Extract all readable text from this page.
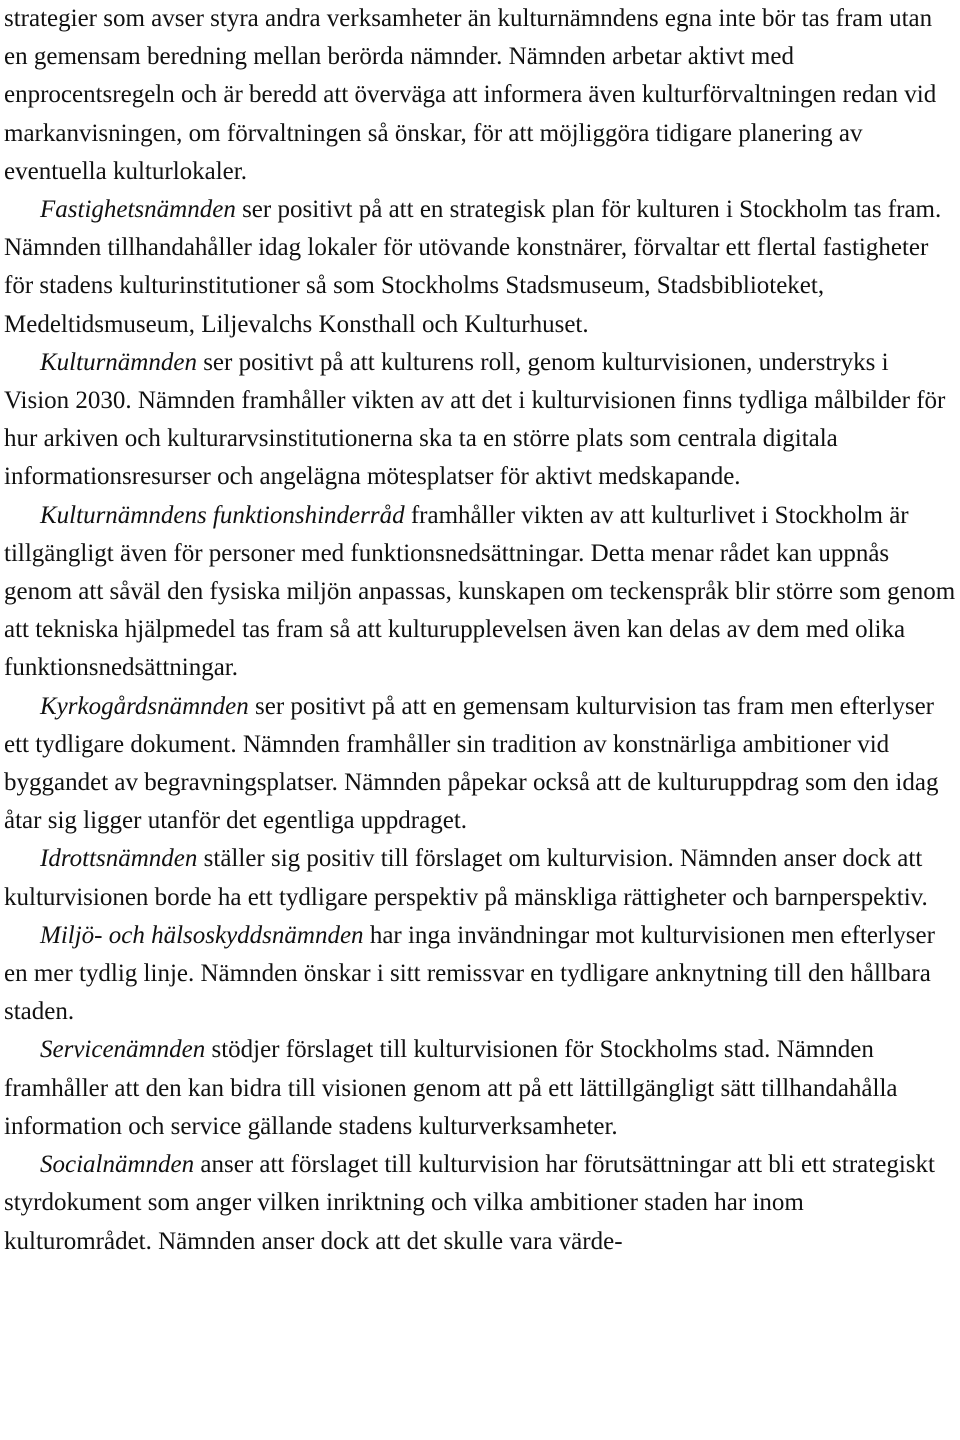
strategier som avser styra andra verksamheter än kulturnämndens egna inte bör tas fram utan en gemensam beredning mellan berörda nämnder. Nämnden arbetar aktivt med enprocentsregeln och är beredd att överväga att informera även kulturförvaltningen redan vid markanvisningen, om förvaltningen så önskar, för att möjliggöra tidigare planering av eventuella kulturlokaler.

Fastighetsnämnden ser positivt på att en strategisk plan för kulturen i Stockholm tas fram. Nämnden tillhandahåller idag lokaler för utövande konstnärer, förvaltar ett flertal fastigheter för stadens kulturinstitutioner så som Stockholms Stadsmuseum, Stadsbiblioteket, Medeltidsmuseum, Liljevalchs Konsthall och Kulturhuset.

Kulturnämnden ser positivt på att kulturens roll, genom kulturvisionen, understryks i Vision 2030. Nämnden framhåller vikten av att det i kulturvisionen finns tydliga målbilder för hur arkiven och kulturarvsinstitutionerna ska ta en större plats som centrala digitala informationsresurser och angelägna mötesplatser för aktivt medskapande.

Kulturnämndens funktionshinderråd framhåller vikten av att kulturlivet i Stockholm är tillgängligt även för personer med funktionsnedsättningar. Detta menar rådet kan uppnås genom att såväl den fysiska miljön anpassas, kunskapen om teckenspråk blir större som genom att tekniska hjälpmedel tas fram så att kulturupplevelsen även kan delas av dem med olika funktionsnedsättningar.

Kyrkogårdsnämnden ser positivt på att en gemensam kulturvision tas fram men efterlyser ett tydligare dokument. Nämnden framhåller sin tradition av konstnärliga ambitioner vid byggandet av begravningsplatser. Nämnden påpekar också att de kulturuppdrag som den idag åtar sig ligger utanför det egentliga uppdraget.

Idrottsnämnden ställer sig positiv till förslaget om kulturvision. Nämnden anser dock att kulturvisionen borde ha ett tydligare perspektiv på mänskliga rättigheter och barnperspektiv.

Miljö- och hälsoskyddsnämnden har inga invändningar mot kulturvisionen men efterlyser en mer tydlig linje. Nämnden önskar i sitt remissvar en tydligare anknytning till den hållbara staden.

Servicenämnden stödjer förslaget till kulturvisionen för Stockholms stad. Nämnden framhåller att den kan bidra till visionen genom att på ett lättillgängligt sätt tillhandahålla information och service gällande stadens kulturverksamheter.

Socialnämnden anser att förslaget till kulturvision har förutsättningar att bli ett strategiskt styrdokument som anger vilken inriktning och vilka ambitioner staden har inom kulturområdet. Nämnden anser dock att det skulle vara värde-
